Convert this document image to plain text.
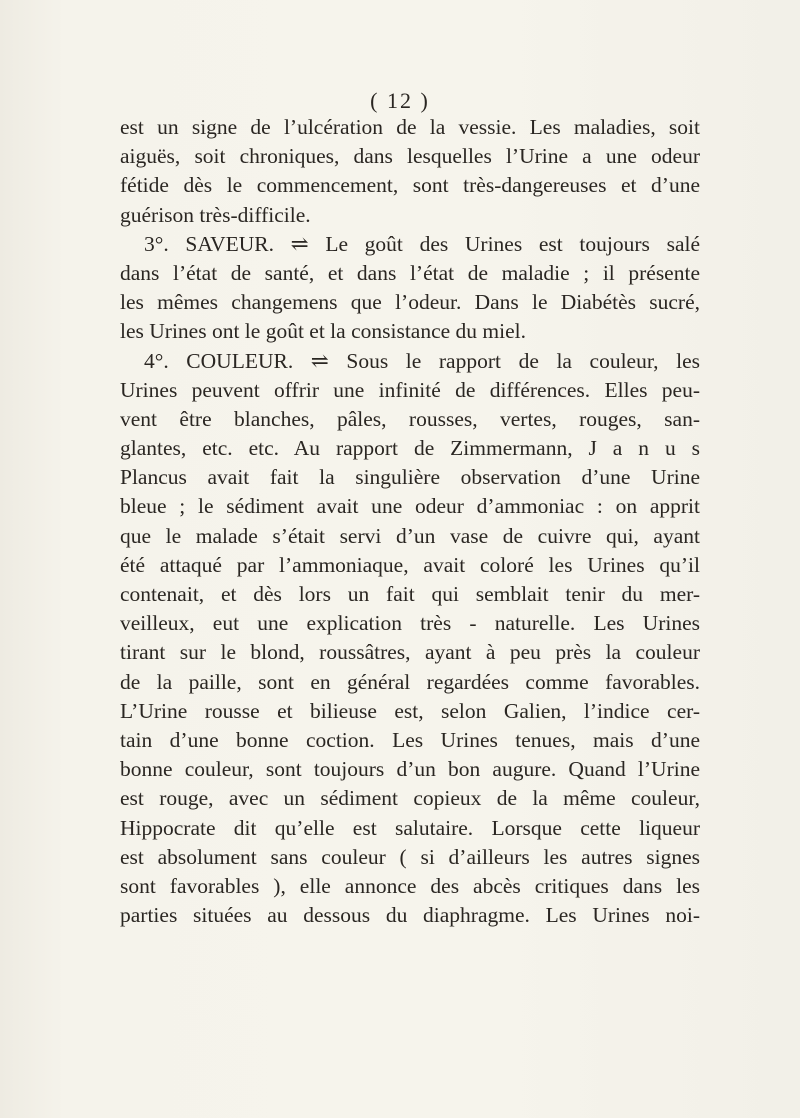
( 12 )
est un signe de l’ulcération de la vessie. Les maladies, soit
aiguës, soit chroniques, dans lesquelles l’Urine a une odeur
fétide dès le commencement, sont très-dangereuses et d’une
guérison très-difficile.
3°. SAVEUR. ⇌ Le goût des Urines est toujours salé
dans l’état de santé, et dans l’état de maladie ; il présente
les mêmes changemens que l’odeur. Dans le Diabétès sucré,
les Urines ont le goût et la consistance du miel.
4°. COULEUR. ⇌ Sous le rapport de la couleur, les
Urines peuvent offrir une infinité de différences. Elles peu-
vent être blanches, pâles, rousses, vertes, rouges, san-
glantes, etc. etc. Au rapport de Zimmermann, J a n u s
Plancus avait fait la singulière observation d’une Urine
bleue ; le sédiment avait une odeur d’ammoniac : on apprit
que le malade s’était servi d’un vase de cuivre qui, ayant
été attaqué par l’ammoniaque, avait coloré les Urines qu’il
contenait, et dès lors un fait qui semblait tenir du mer-
veilleux, eut une explication très - naturelle. Les Urines
tirant sur le blond, roussâtres, ayant à peu près la couleur
de la paille, sont en général regardées comme favorables.
L’Urine rousse et bilieuse est, selon Galien, l’indice cer-
tain d’une bonne coction. Les Urines tenues, mais d’une
bonne couleur, sont toujours d’un bon augure. Quand l’Urine
est rouge, avec un sédiment copieux de la même couleur,
Hippocrate dit qu’elle est salutaire. Lorsque cette liqueur
est absolument sans couleur ( si d’ailleurs les autres signes
sont favorables ), elle annonce des abcès critiques dans les
parties situées au dessous du diaphragme. Les Urines noi-
